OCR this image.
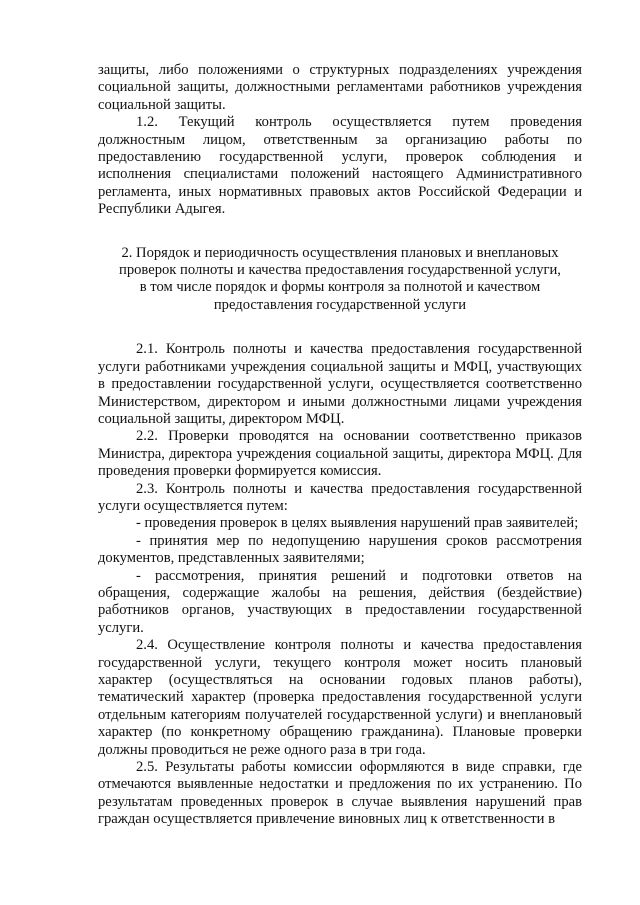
защиты, либо положениями о структурных подразделениях учреждения социальной защиты, должностными регламентами работников учреждения социальной защиты.

1.2. Текущий контроль осуществляется путем проведения должностным лицом, ответственным за организацию работы по предоставлению государственной услуги, проверок соблюдения и исполнения специалистами положений настоящего Административного регламента, иных нормативных правовых актов Российской Федерации и Республики Адыгея.

2. Порядок и периодичность осуществления плановых и внеплановых
проверок полноты и качества предоставления государственной услуги,
в том числе порядок и формы контроля за полнотой и качеством
предоставления государственной услуги

2.1. Контроль полноты и качества предоставления государственной услуги работниками учреждения социальной защиты и МФЦ, участвующих в предоставлении государственной услуги, осуществляется соответственно Министерством, директором и иными должностными лицами учреждения социальной защиты, директором МФЦ.

2.2. Проверки проводятся на основании соответственно приказов Министра, директора учреждения социальной защиты, директора МФЦ. Для проведения проверки формируется комиссия.

2.3. Контроль полноты и качества предоставления государственной услуги осуществляется путем:

- проведения проверок в целях выявления нарушений прав заявителей;

- принятия мер по недопущению нарушения сроков рассмотрения документов, представленных заявителями;

- рассмотрения, принятия решений и подготовки ответов на обращения, содержащие жалобы на решения, действия (бездействие) работников органов, участвующих в предоставлении государственной услуги.

2.4. Осуществление контроля полноты и качества предоставления государственной услуги, текущего контроля может носить плановый характер (осуществляться на основании годовых планов работы), тематический характер (проверка предоставления государственной услуги отдельным категориям получателей государственной услуги) и внеплановый характер (по конкретному обращению гражданина). Плановые проверки должны проводиться не реже одного раза в три года.

2.5. Результаты работы комиссии оформляются в виде справки, где отмечаются выявленные недостатки и предложения по их устранению. По результатам проведенных проверок в случае выявления нарушений прав граждан осуществляется привлечение виновных лиц к ответственности в
